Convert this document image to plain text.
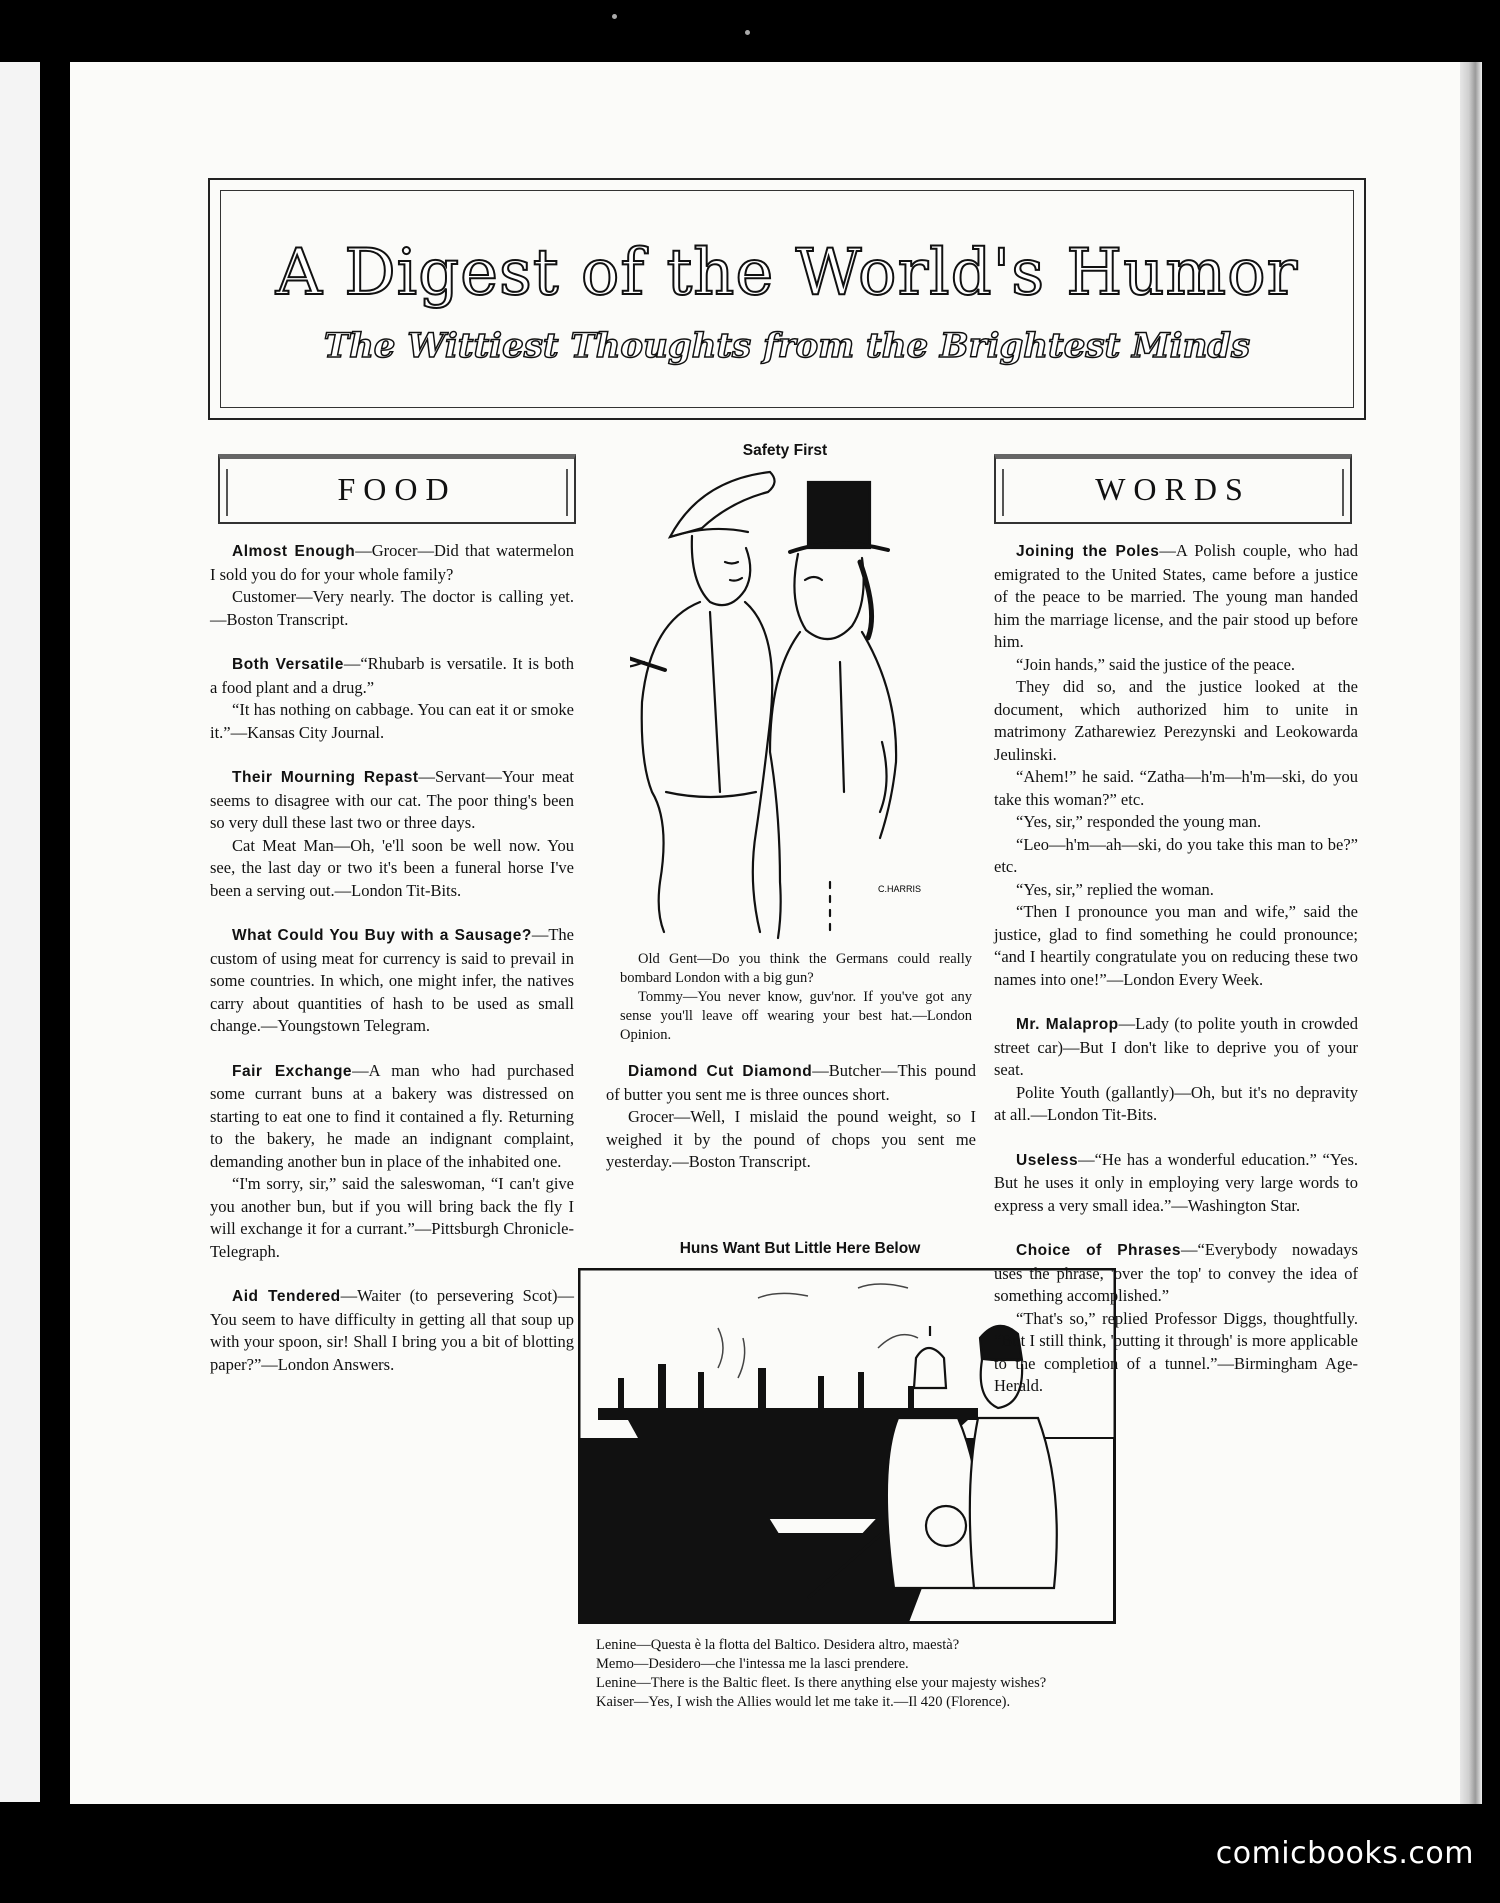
A Digest of the World's Humor
The Wittiest Thoughts from the Brightest Minds
FOOD	WORDS

Almost Enough—Grocer—Did that watermelon I sold you do for your whole family?

Customer—Very nearly. The doctor is calling yet.—Boston Transcript.

Both Versatile—“Rhubarb is versatile. It is both a food plant and a drug.”

“It has nothing on cabbage. You can eat it or smoke it.”—Kansas City Journal.

Their Mourning Repast—Servant—Your meat seems to disagree with our cat. The poor thing's been so very dull these last two or three days.

Cat Meat Man—Oh, 'e'll soon be well now. You see, the last day or two it's been a funeral horse I've been a serving out.—London Tit-Bits.

What Could You Buy with a Sausage?—The custom of using meat for currency is said to prevail in some countries. In which, one might infer, the natives carry about quantities of hash to be used as small change.—Youngstown Telegram.

Fair Exchange—A man who had purchased some currant buns at a bakery was distressed on starting to eat one to find it contained a fly. Returning to the bakery, he made an indignant complaint, demanding another bun in place of the inhabited one.

“I'm sorry, sir,” said the saleswoman, “I can't give you another bun, but if you will bring back the fly I will exchange it for a currant.”—Pittsburgh Chronicle-Telegraph.

Aid Tendered—Waiter (to persevering Scot)—You seem to have difficulty in getting all that soup up with your spoon, sir! Shall I bring you a bit of blotting paper?”—London Answers.

Safety First
C.HARRIS

Old Gent—Do you think the Germans could really bombard London with a big gun?

Tommy—You never know, guv'nor. If you've got any sense you'll leave off wearing your best hat.—London Opinion.

Diamond Cut Diamond—Butcher—This pound of butter you sent me is three ounces short.

Grocer—Well, I mislaid the pound weight, so I weighed it by the pound of chops you sent me yesterday.—Boston Transcript.

Huns Want But Little Here Below

Lenine—Questa è la flotta del Baltico. Desidera altro, maestà?

Memo—Desidero—che l'intessa me la lasci prendere.

Lenine—There is the Baltic fleet. Is there anything else your majesty wishes?

Kaiser—Yes, I wish the Allies would let me take it.—Il 420 (Florence).

Joining the Poles—A Polish couple, who had emigrated to the United States, came before a justice of the peace to be married. The young man handed him the marriage license, and the pair stood up before him.

“Join hands,” said the justice of the peace.

They did so, and the justice looked at the document, which authorized him to unite in matrimony Zatharewiez Perezynski and Leokowarda Jeulinski.

“Ahem!” he said. “Zatha—h'm—h'm—ski, do you take this woman?” etc.

“Yes, sir,” responded the young man.

“Leo—h'm—ah—ski, do you take this man to be?” etc.

“Yes, sir,” replied the woman.

“Then I pronounce you man and wife,” said the justice, glad to find something he could pronounce; “and I heartily congratulate you on reducing these two names into one!”—London Every Week.

Mr. Malaprop—Lady (to polite youth in crowded street car)—But I don't like to deprive you of your seat.

Polite Youth (gallantly)—Oh, but it's no depravity at all.—London Tit-Bits.

Useless—“He has a wonderful education.” “Yes. But he uses it only in employing very large words to express a very small idea.”—Washington Star.

Choice of Phrases—“Everybody nowadays uses the phrase, 'over the top' to convey the idea of something accomplished.”

“That's so,” replied Professor Diggs, thoughtfully. “But I still think, 'putting it through' is more applicable to the completion of a tunnel.”—Birmingham Age-Herald.

comicbooks.com
